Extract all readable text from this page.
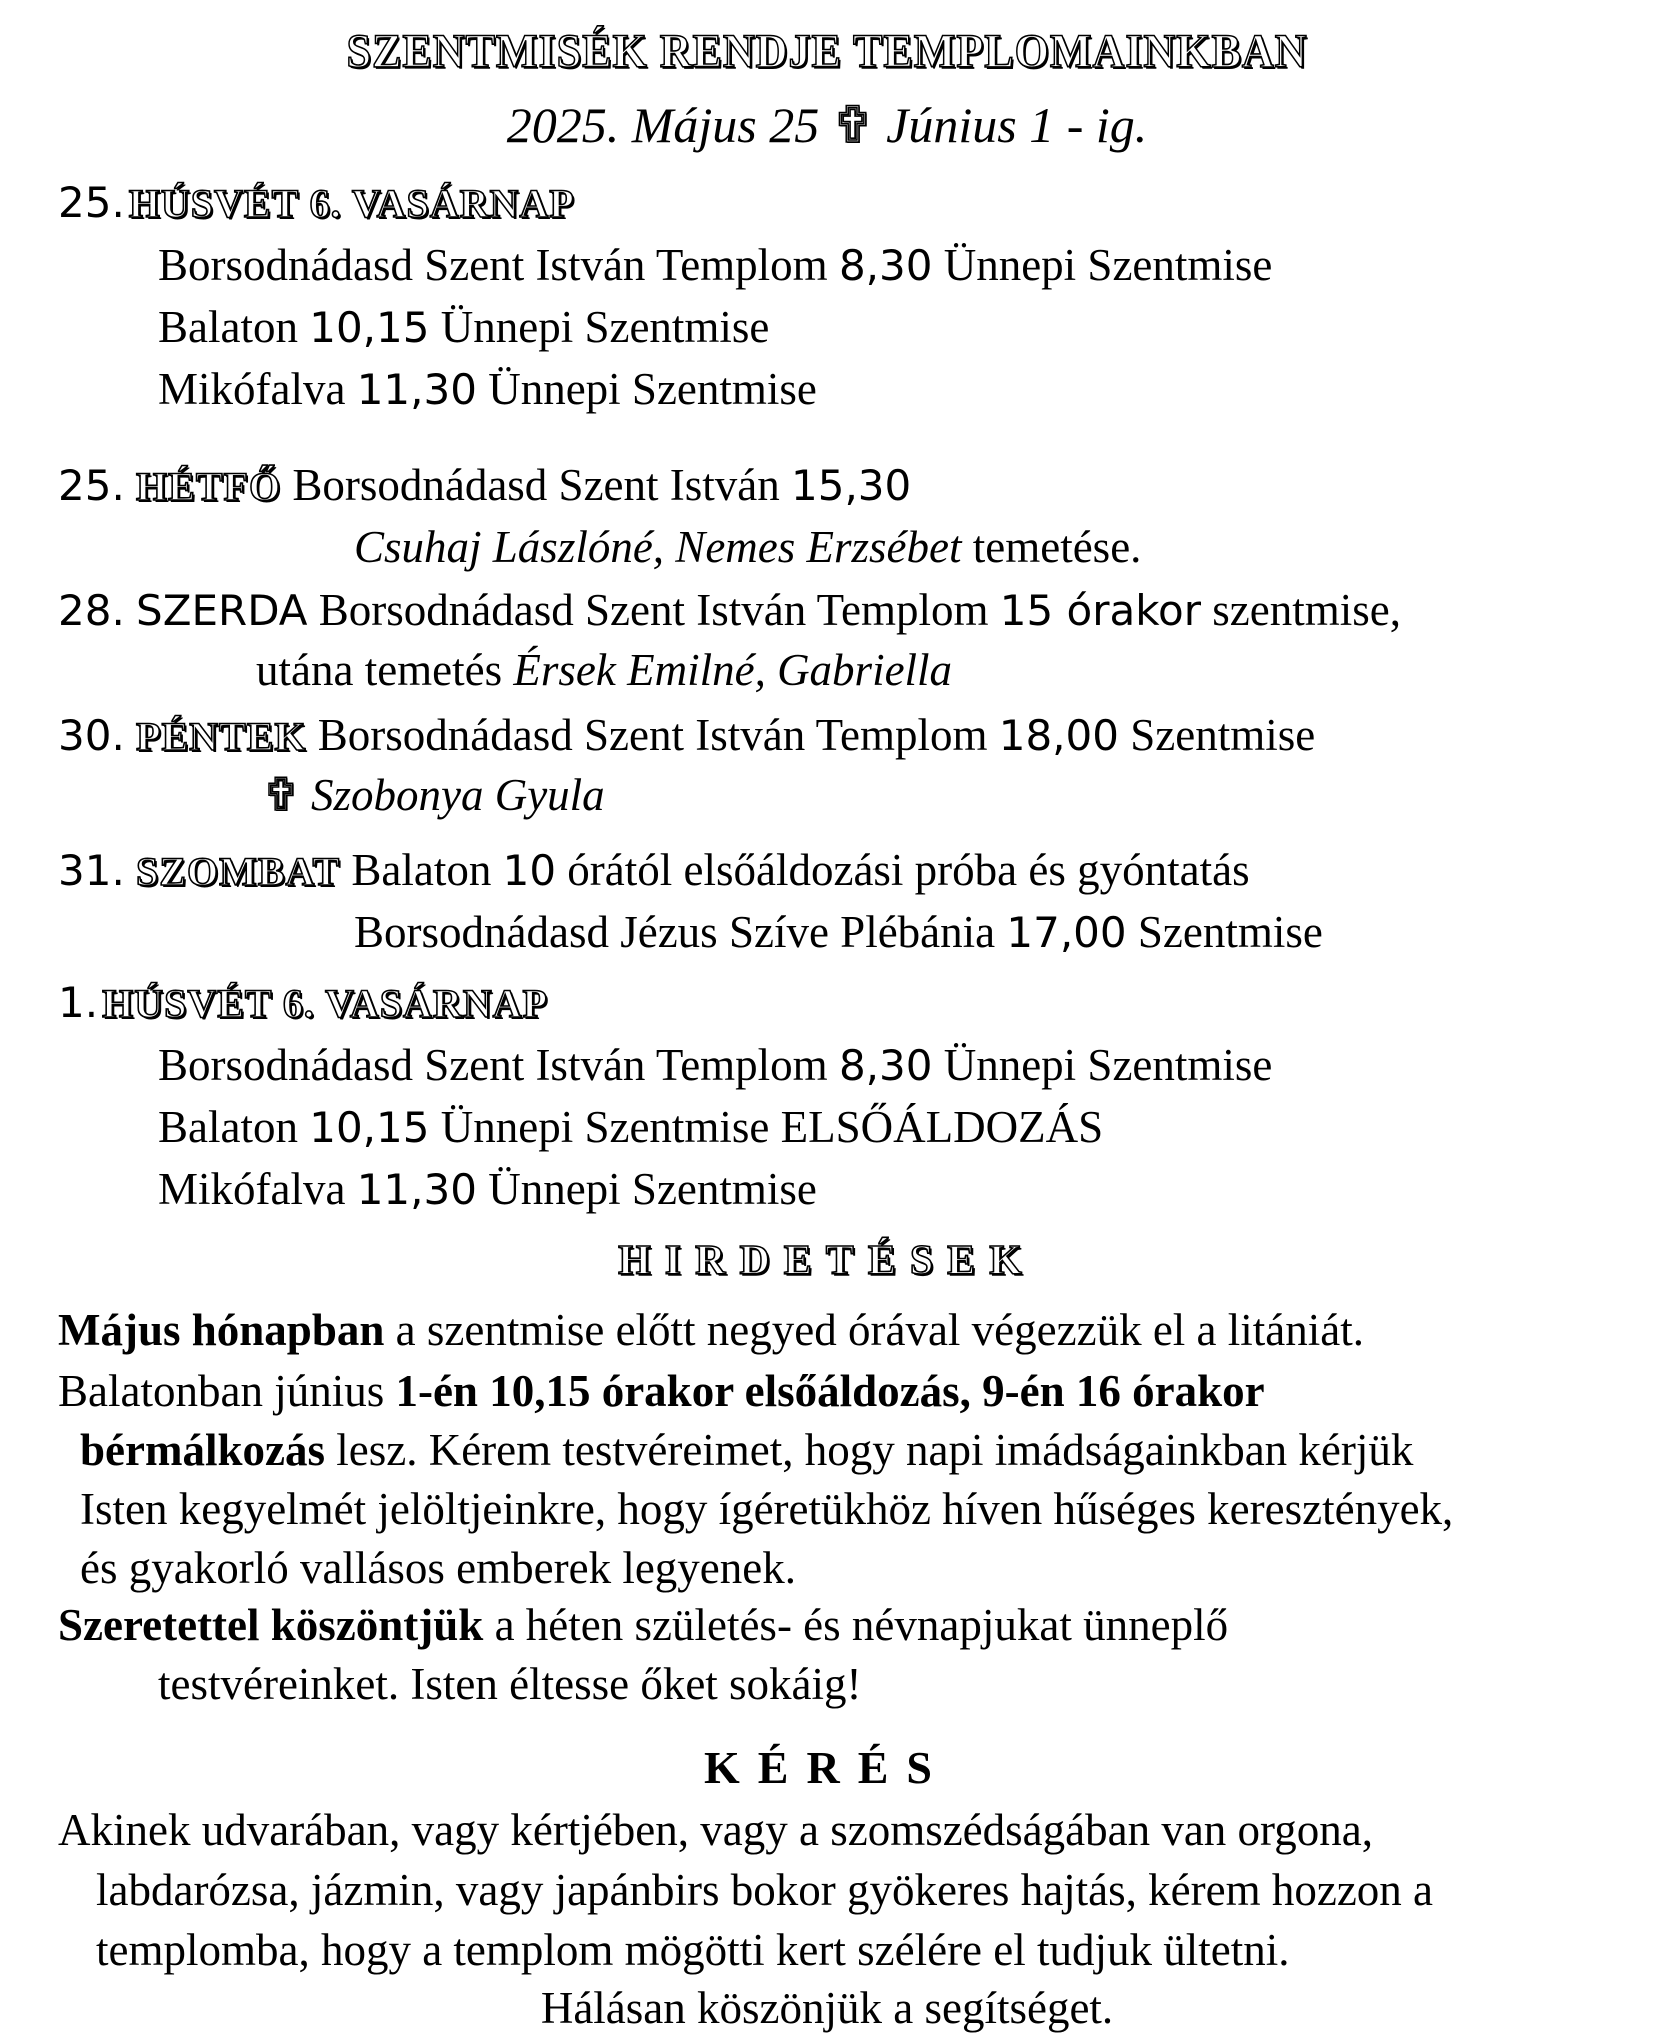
SZENTMISÉK RENDJE TEMPLOMAINKBAN
2025. Május 25 ✟ Június 1 - ig.
25. HÚSVÉT 6. VASÁRNAP
Borsodnádasd Szent István Templom 8,30 Ünnepi Szentmise
Balaton 10,15 Ünnepi Szentmise
Mikófalva 11,30 Ünnepi Szentmise
25. HÉTFŐ Borsodnádasd Szent István 15,30
Csuhaj Lászlóné, Nemes Erzsébet temetése.
28. SZERDA Borsodnádasd Szent István Templom 15 órakor szentmise,
utána temetés Érsek Emilné, Gabriella
30. PÉNTEK Borsodnádasd Szent István Templom 18,00 Szentmise
✟ Szobonya Gyula
31. SZOMBAT Balaton 10 órától elsőáldozási próba és gyóntatás
Borsodnádasd Jézus Szíve Plébánia 17,00 Szentmise
1. HÚSVÉT 6. VASÁRNAP
Borsodnádasd Szent István Templom 8,30 Ünnepi Szentmise
Balaton 10,15 Ünnepi Szentmise ELSŐÁLDOZÁS
Mikófalva 11,30 Ünnepi Szentmise
HIRDETÉSEK
Május hónapban a szentmise előtt negyed órával végezzük el a litániát.
Balatonban június 1-én 10,15 órakor elsőáldozás, 9-én 16 órakor
bérmálkozás lesz. Kérem testvéreimet, hogy napi imádságainkban kérjük
Isten kegyelmét jelöltjeinkre, hogy ígéretükhöz híven hűséges keresztények,
és gyakorló vallásos emberek legyenek.
Szeretettel köszöntjük a héten születés- és névnapjukat ünneplő
testvéreinket. Isten éltesse őket sokáig!
KÉRÉS
Akinek udvarában, vagy kértjében, vagy a szomszédságában van orgona,
labdarózsa, jázmin, vagy japánbirs bokor gyökeres hajtás, kérem hozzon a
templomba, hogy a templom mögötti kert szélére el tudjuk ültetni.
Hálásan köszönjük a segítséget.
